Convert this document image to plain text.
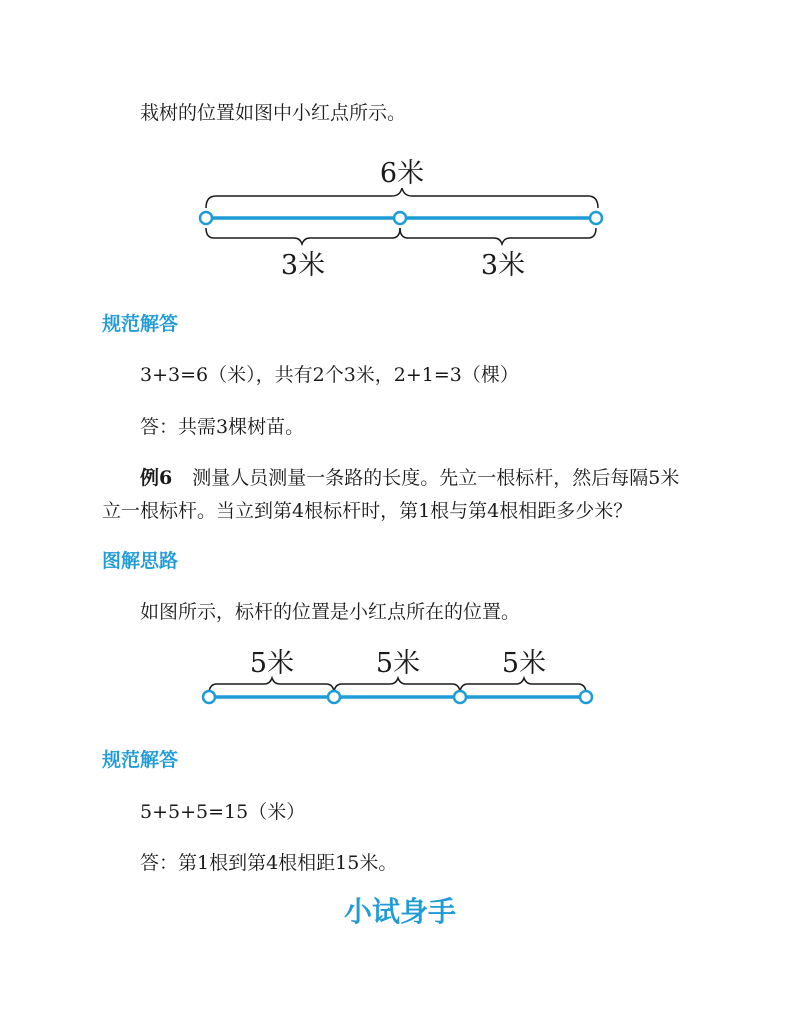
栽树的位置如图中小红点所示。
6米
3米	3米
规范解答
3+3=6（米），共有2个3米，2+1=3（棵）
答：共需3棵树苗。
例6 测量人员测量一条路的长度。先立一根标杆，然后每隔5米
立一根标杆。当立到第4根标杆时，第1根与第4根相距多少米？
图解思路
如图所示，标杆的位置是小红点所在的位置。
5米	5米	5米
规范解答
5+5+5=15（米）
答：第1根到第4根相距15米。
小试身手
